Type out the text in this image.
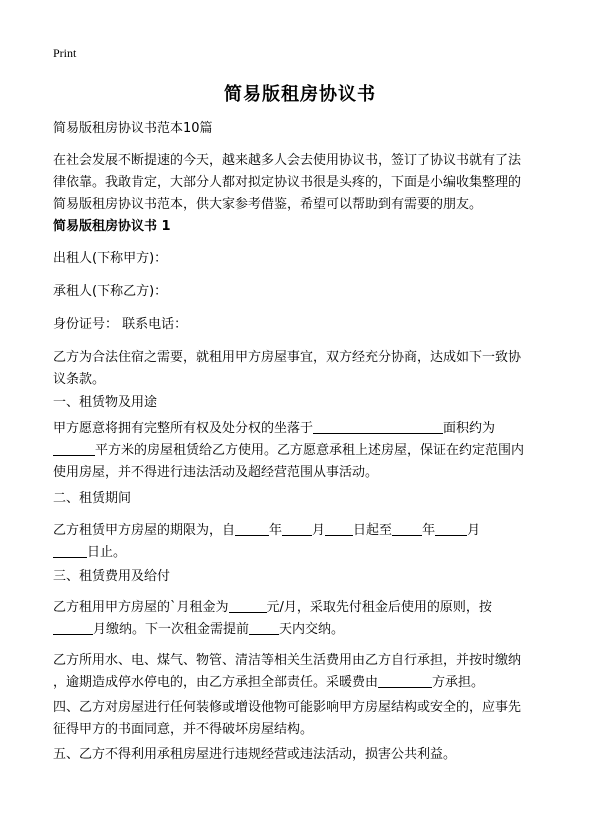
Print
简易版租房协议书
简易版租房协议书范本10篇
在社会发展不断提速的今天，越来越多人会去使用协议书，签订了协议书就有了法
律依靠。我敢肯定，大部分人都对拟定协议书很是头疼的，下面是小编收集整理的
简易版租房协议书范本，供大家参考借鉴，希望可以帮助到有需要的朋友。
简易版租房协议书 1
出租人(下称甲方)：
承租人(下称乙方)：
身份证号： 联系电话：
乙方为合法住宿之需要，就租用甲方房屋事宜，双方经充分协商，达成如下一致协
议条款。
一、租赁物及用途
甲方愿意将拥有完整所有权及处分权的坐落于	面积约为
平方米的房屋租赁给乙方使用。乙方愿意承租上述房屋，保证在约定范围内
使用房屋，并不得进行违法活动及超经营范围从事活动。
二、租赁期间
乙方租赁甲方房屋的期限为，自	年 月 日起至 年 月
日止。
三、租赁费用及给付
乙方租用甲方房屋的`月租金为	元/月，采取先付租金后使用的原则，按
月缴纳。下一次租金需提前 天内交纳。
乙方所用水、电、煤气、物管、清洁等相关生活费用由乙方自行承担，并按时缴纳
，逾期造成停水停电的，由乙方承担全部责任。采暖费由	方承担。
四、乙方对房屋进行任何装修或增设他物可能影响甲方房屋结构或安全的，应事先
征得甲方的书面同意，并不得破坏房屋结构。
五、乙方不得利用承租房屋进行违规经营或违法活动，损害公共利益。
